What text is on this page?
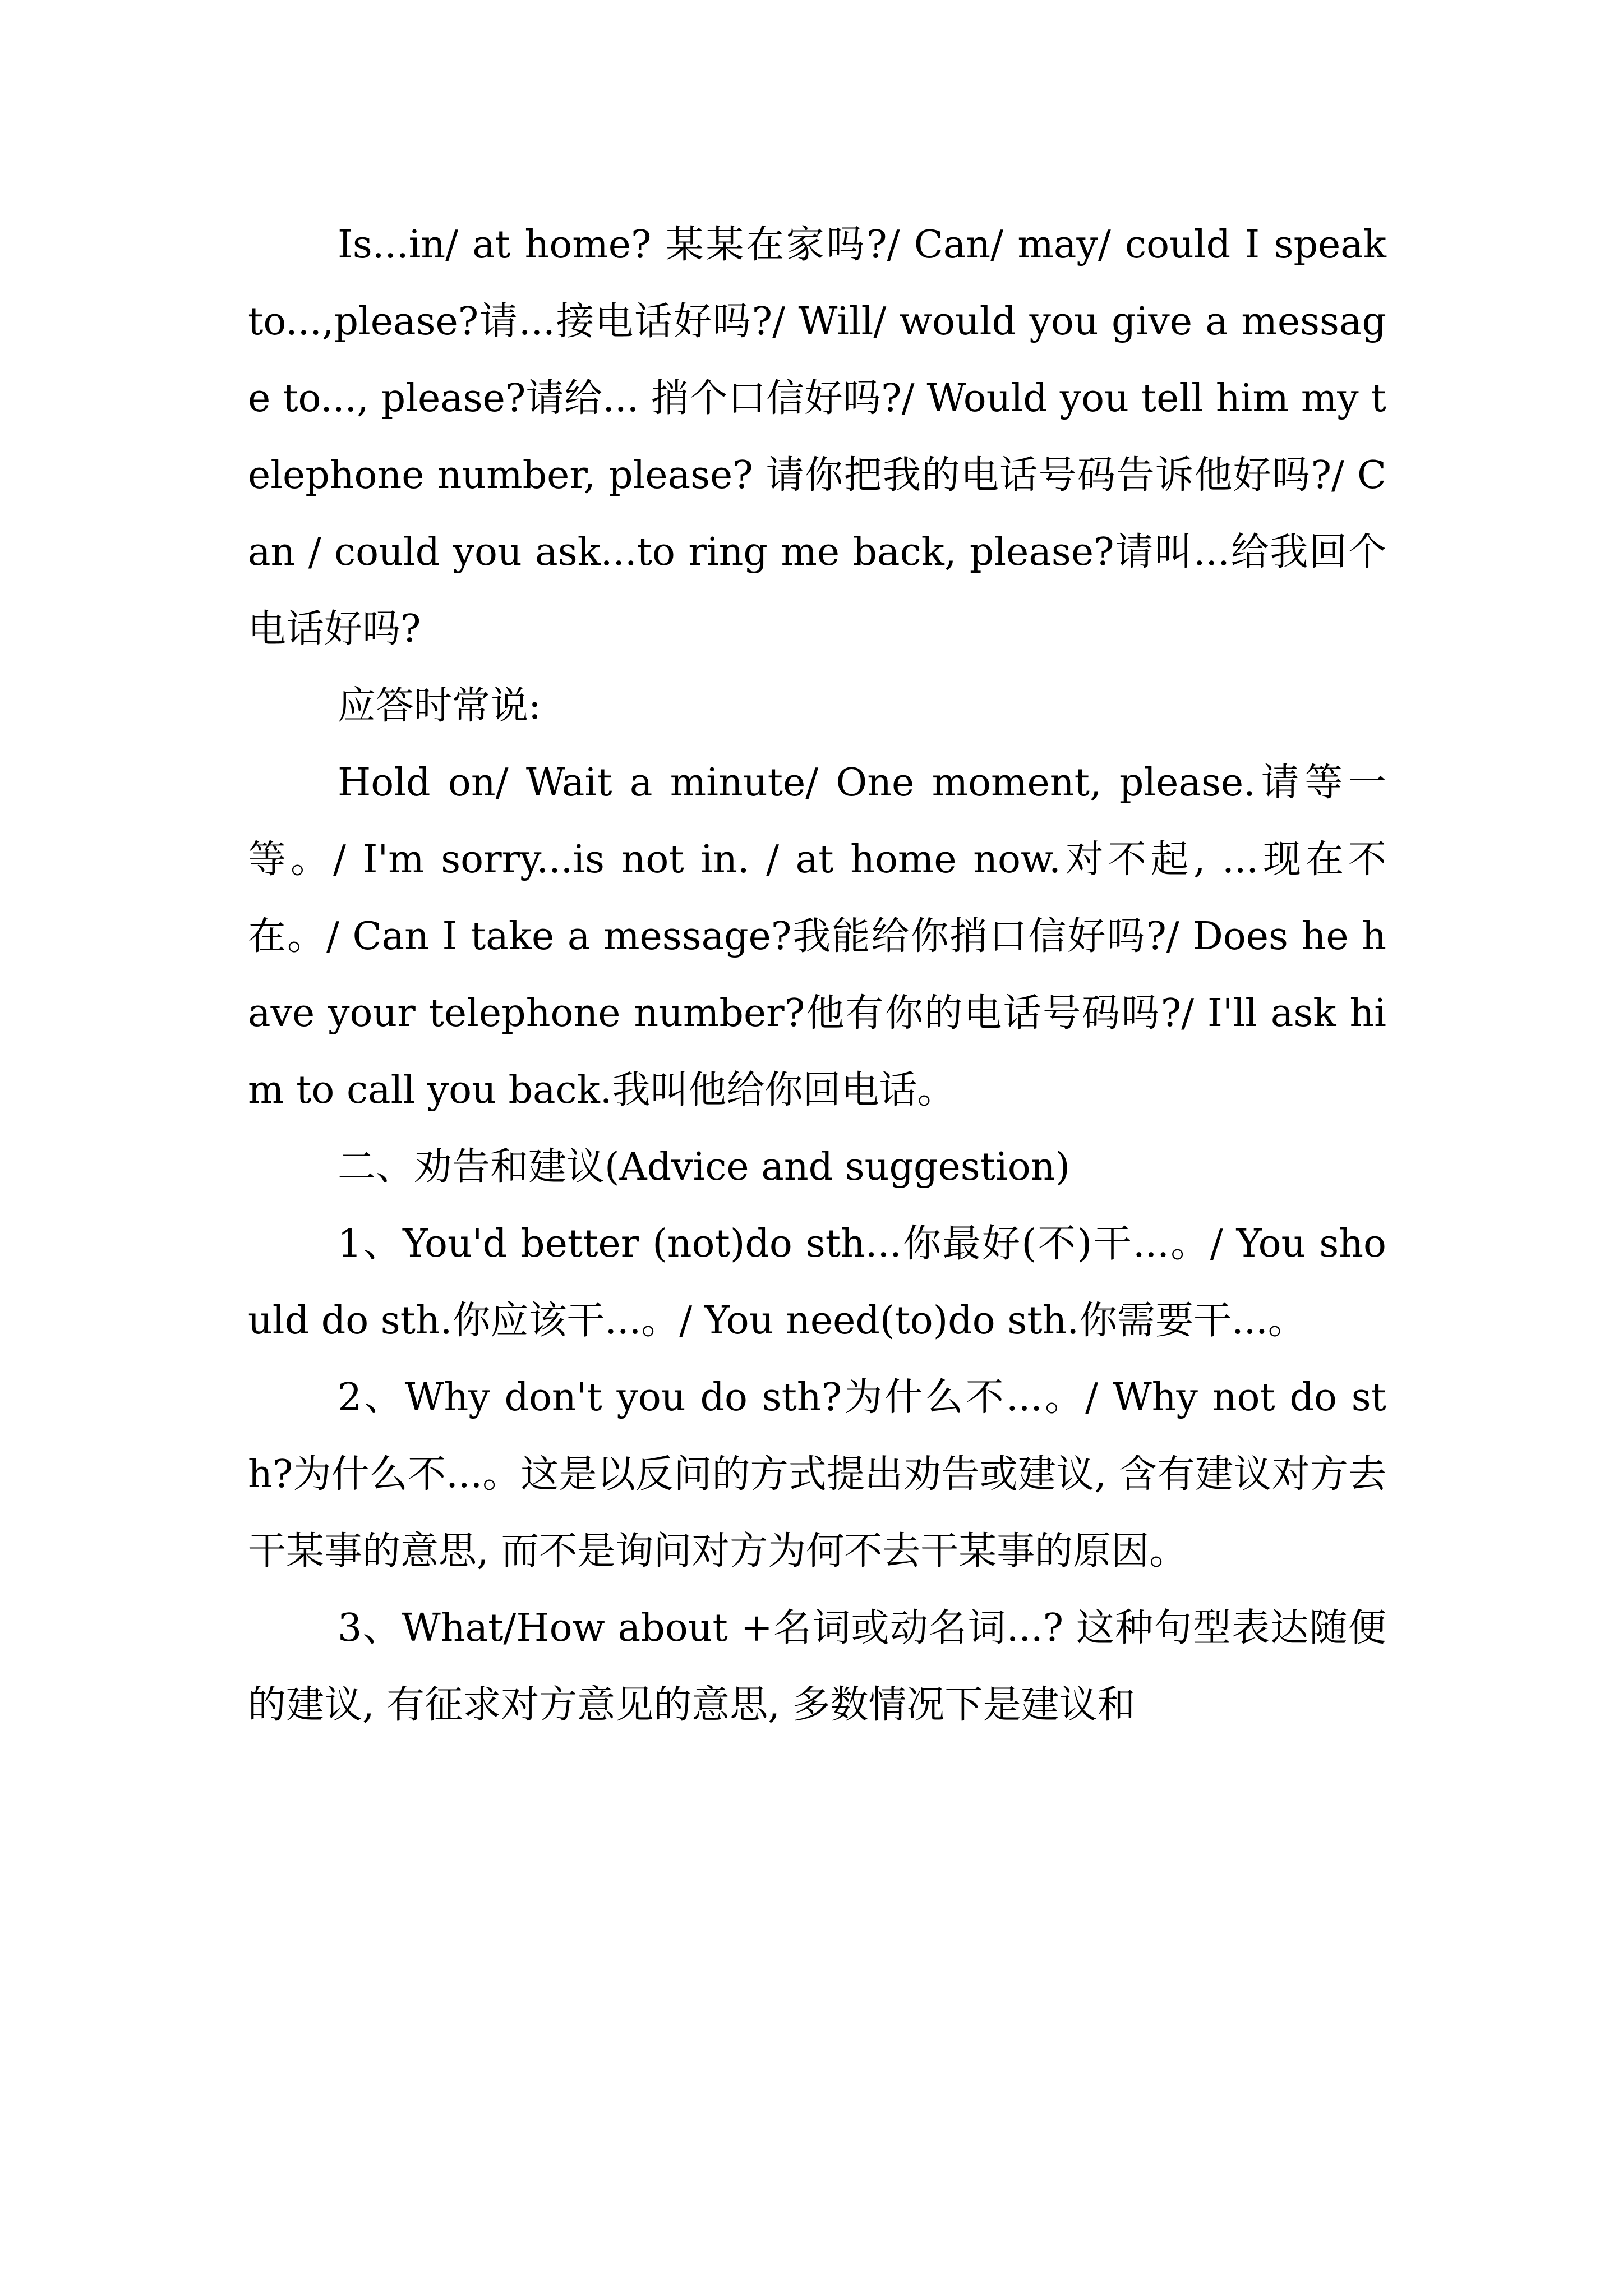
Is...in/ at home? 某某在家吗?/ Can/ may/ could I speak to...,please?请...接电话好吗?/ Will/ would you give a message to..., please?请给... 捎个口信好吗?/ Would you tell him my telephone number, please? 请你把我的电话号码告诉他好吗?/ Can / could you ask...to ring me back, please?请叫...给我回个电话好吗?

应答时常说:

Hold on/ Wait a minute/ One moment, please.请等一等。/ I'm sorry...is not in. / at home now.对不起, ...现在不在。/ Can I take a message?我能给你捎口信好吗?/ Does he have your telephone number?他有你的电话号码吗?/ I'll ask him to call you back.我叫他给你回电话。

二、劝告和建议(Advice and suggestion)

1、You'd better (not)do sth...你最好(不)干...。/ You should do sth.你应该干...。/ You need(to)do sth.你需要干...。

2、Why don't you do sth?为什么不...。/ Why not do sth?为什么不...。这是以反问的方式提出劝告或建议, 含有建议对方去干某事的意思, 而不是询问对方为何不去干某事的原因。

3、What/How about +名词或动名词...? 这种句型表达随便的建议, 有征求对方意见的意思, 多数情况下是建议和
